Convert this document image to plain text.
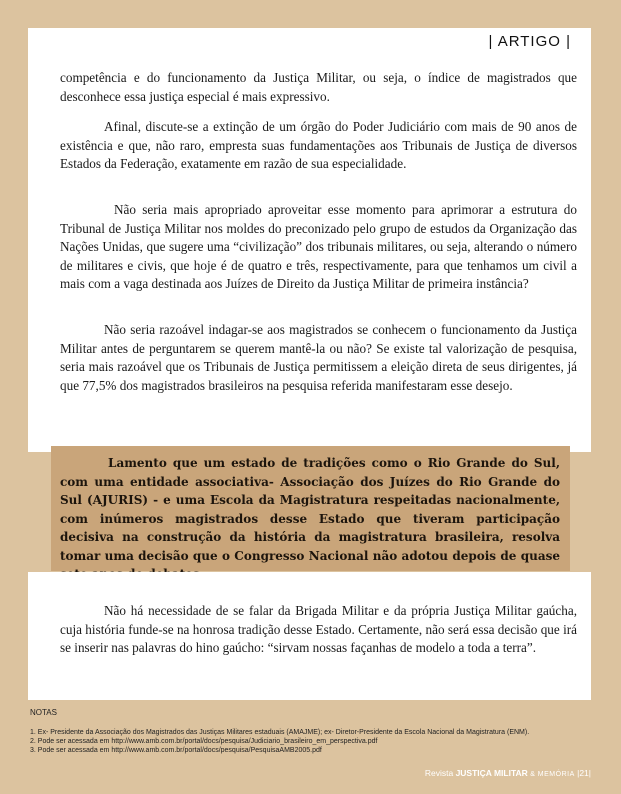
| ARTIGO |

competência e do funcionamento da Justiça Militar, ou seja, o índice de magistrados que desconhece essa justiça especial é mais expressivo.

Afinal, discute-se a extinção de um órgão do Poder Judiciário com mais de 90 anos de existência e que, não raro, empresta suas fundamentações aos Tribunais de Justiça de diversos Estados da Federação, exatamente em razão de sua especialidade.

Não seria mais apropriado aproveitar esse momento para aprimorar a estrutura do Tribunal de Justiça Militar nos moldes do preconizado pelo grupo de estudos da Organização das Nações Unidas, que sugere uma “civilização” dos tribunais militares, ou seja, alterando o número de militares e civis, que hoje é de quatro e três, respectivamente, para que tenhamos um civil a mais com a vaga destinada aos Juízes de Direito da Justiça Militar de primeira instância?

Não seria razoável indagar-se aos magistrados se conhecem o funcionamento da Justiça Militar antes de perguntarem se querem mantê-la ou não? Se existe tal valorização de pesquisa, seria mais razoável que os Tribunais de Justiça permitissem a eleição direta de seus dirigentes, já que 77,5% dos magistrados brasileiros na pesquisa referida manifestaram esse desejo.

Lamento que um estado de tradições como o Rio Grande do Sul, com uma entidade associativa- Associação dos Juízes do Rio Grande do Sul (AJURIS) - e uma Escola da Magistratura respeitadas nacionalmente, com inúmeros magistrados desse Estado que tiveram participação decisiva na construção da história da magistratura brasileira, resolva tomar uma decisão que o Congresso Nacional não adotou depois de quase

Não há necessidade de se falar da Brigada Militar e da própria Justiça Militar gaúcha, cuja história funde-se na honrosa tradição desse Estado. Certamente, não será essa decisão que irá se inserir nas palavras do hino gaúcho: “sirvam nossas façanhas de modelo a toda a terra”.

NOTAS
1. Ex- Presidente da Associação dos Magistrados das Justiças Militares estaduais (AMAJME); ex- Diretor-Presidente da Escola Nacional da Magistratura (ENM).
2. Pode ser acessada em http://www.amb.com.br/portal/docs/pesquisa/Judiciario_brasileiro_em_perspectiva.pdf
3. Pode ser acessada em http://www.amb.com.br/portal/docs/pesquisa/PesquisaAMB2005.pdf
Revista JUSTIÇA MILITAR & MEMÓRIA |21|
